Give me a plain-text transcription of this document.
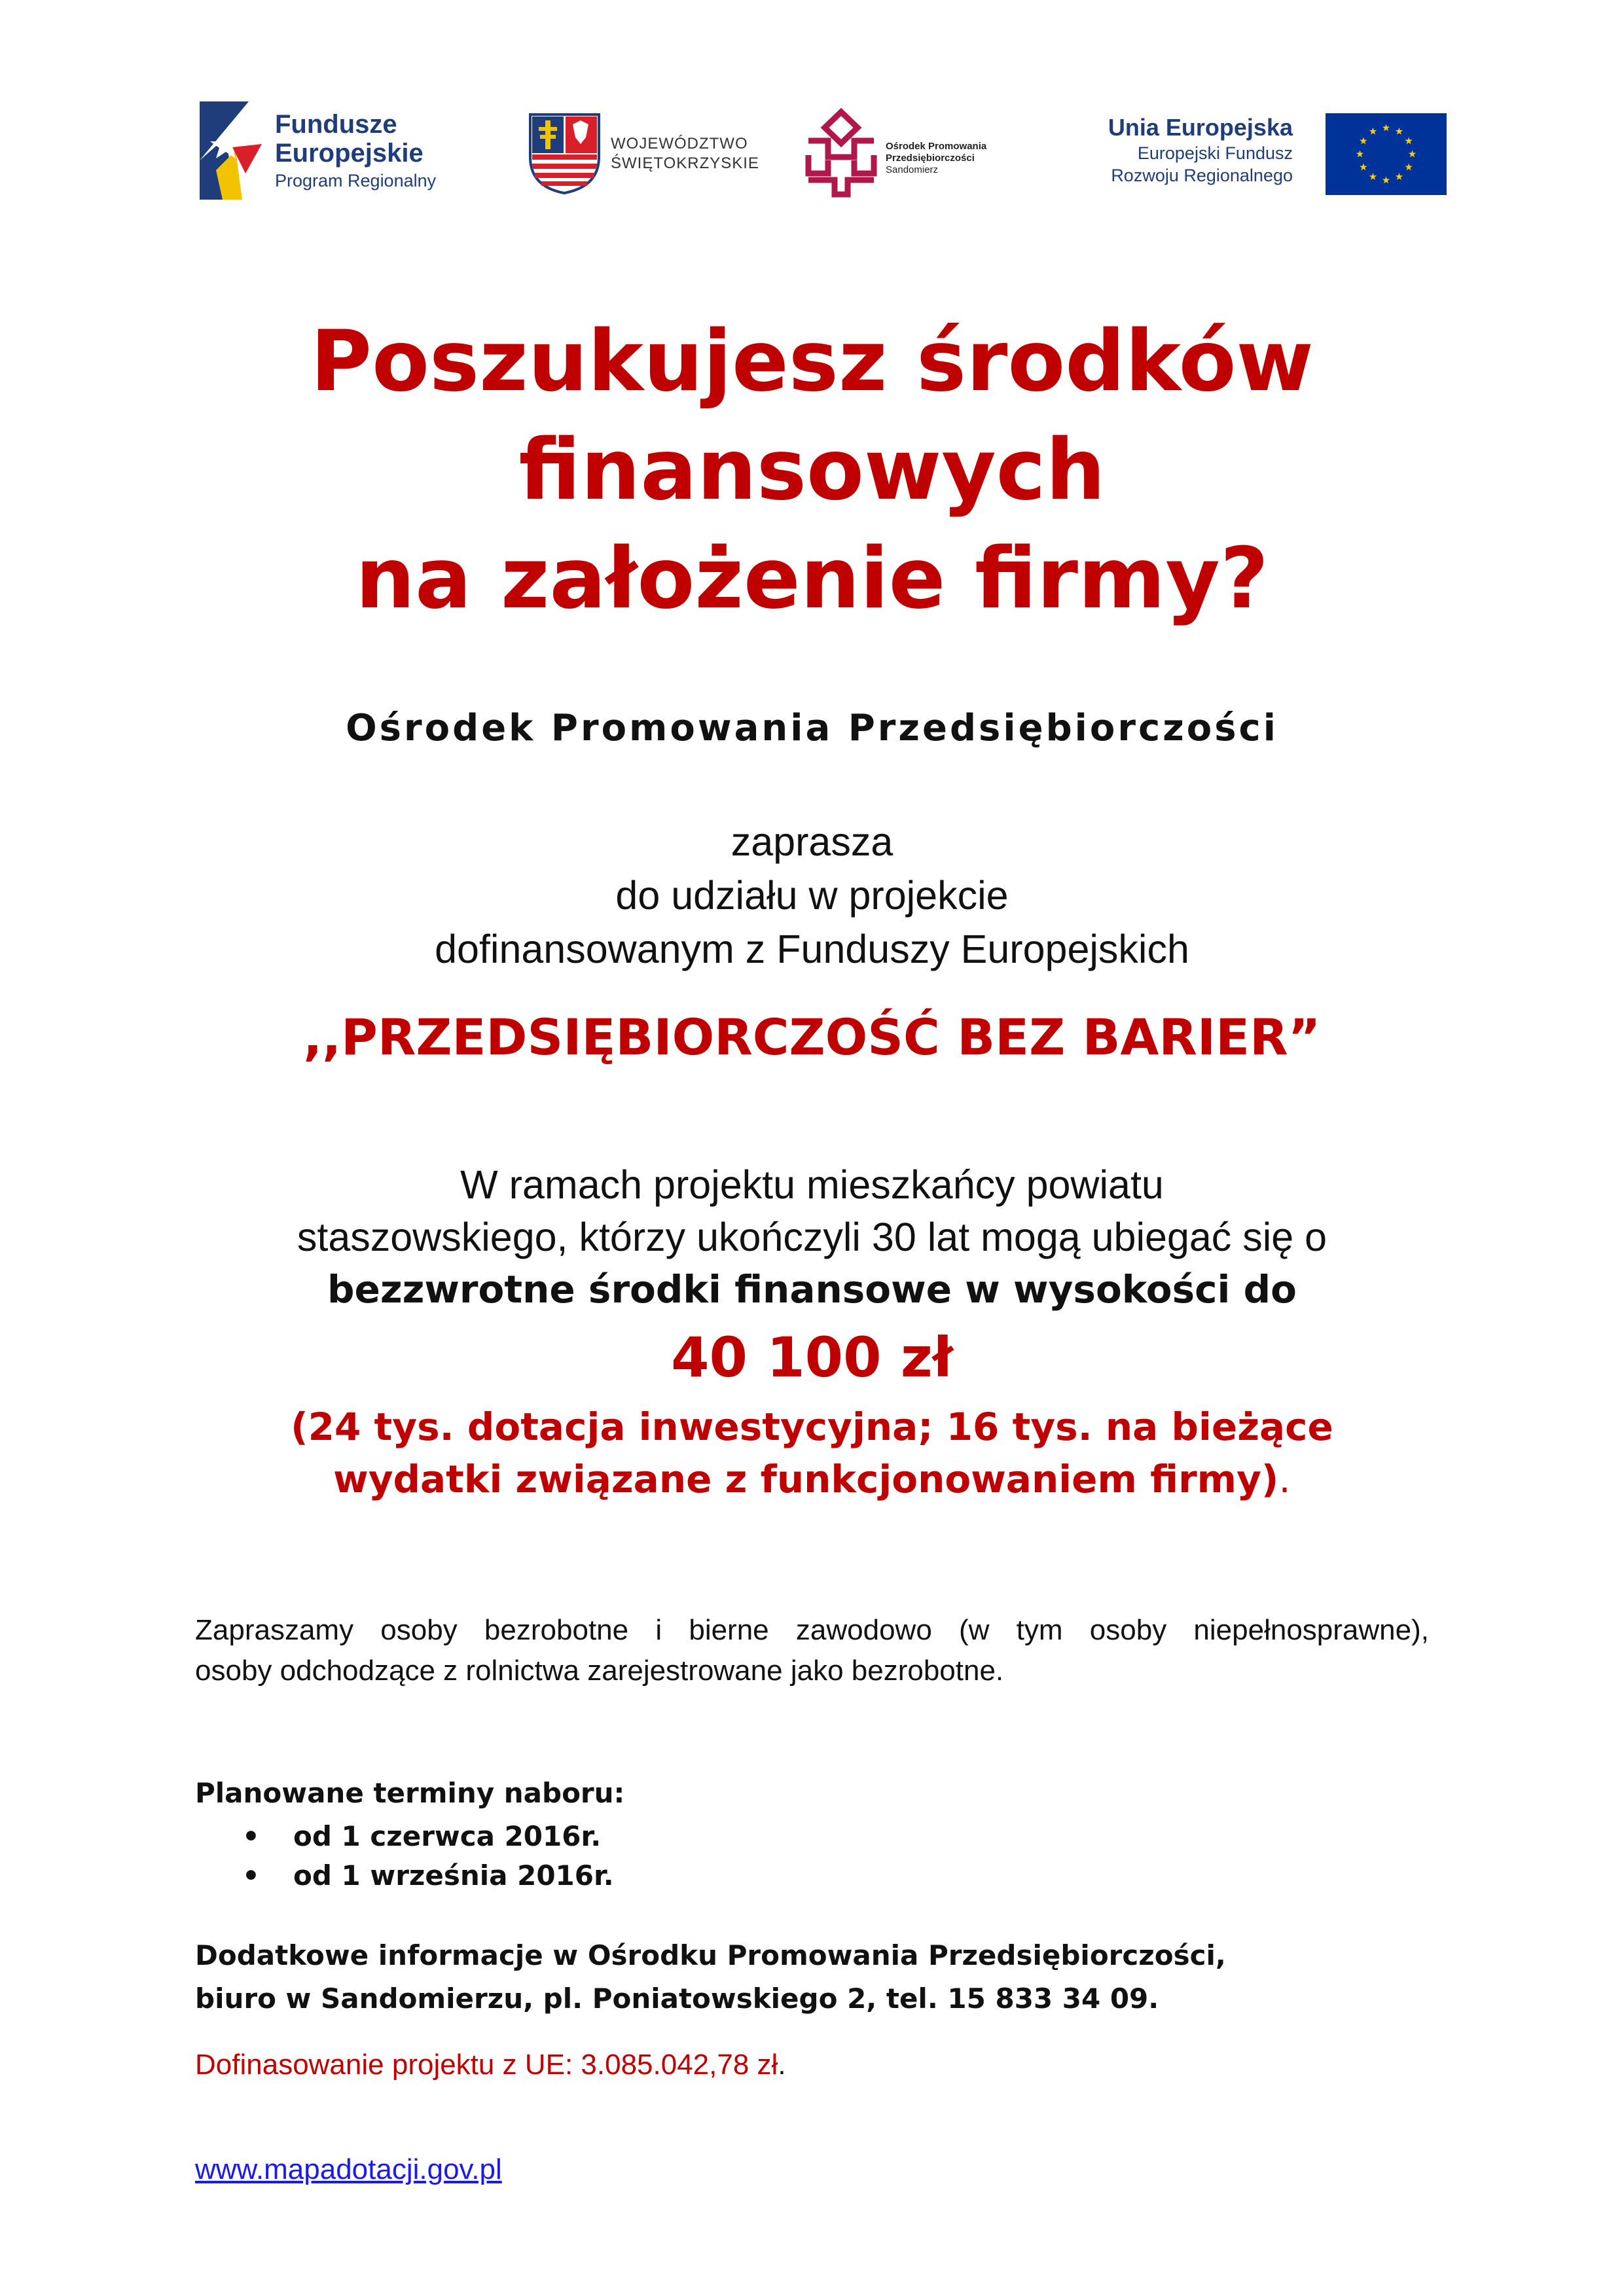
Fundusze
Europejskie
Program Regionalny
WOJEWÓDZTWO
ŚWIĘTOKRZYSKIE
Ośrodek Promowania
Przedsiębiorczości
Sandomierz
Unia Europejska
Europejski Fundusz
Rozwoju Regionalnego
Poszukujesz środków
finansowych
na założenie firmy?
Ośrodek Promowania Przedsiębiorczości
zaprasza
do udziału w projekcie
dofinansowanym z Funduszy Europejskich
,,PRZEDSIĘBIORCZOŚĆ BEZ BARIER”
W ramach projektu mieszkańcy powiatu
staszowskiego, którzy ukończyli 30 lat mogą ubiegać się o
bezzwrotne środki finansowe w wysokości do
40 100 zł
(24 tys. dotacja inwestycyjna; 16 tys. na bieżące
wydatki związane z funkcjonowaniem firmy).
Zapraszamy osoby bezrobotne i bierne zawodowo (w tym osoby niepełnosprawne),
osoby odchodzące z rolnictwa zarejestrowane jako bezrobotne.
Planowane terminy naboru:
• od 1 czerwca 2016r.
• od 1 września 2016r.
Dodatkowe informacje w Ośrodku Promowania Przedsiębiorczości,
biuro w Sandomierzu, pl. Poniatowskiego 2, tel. 15 833 34 09.
Dofinasowanie projektu z UE: 3.085.042,78 zł.
www.mapadotacji.gov.pl
